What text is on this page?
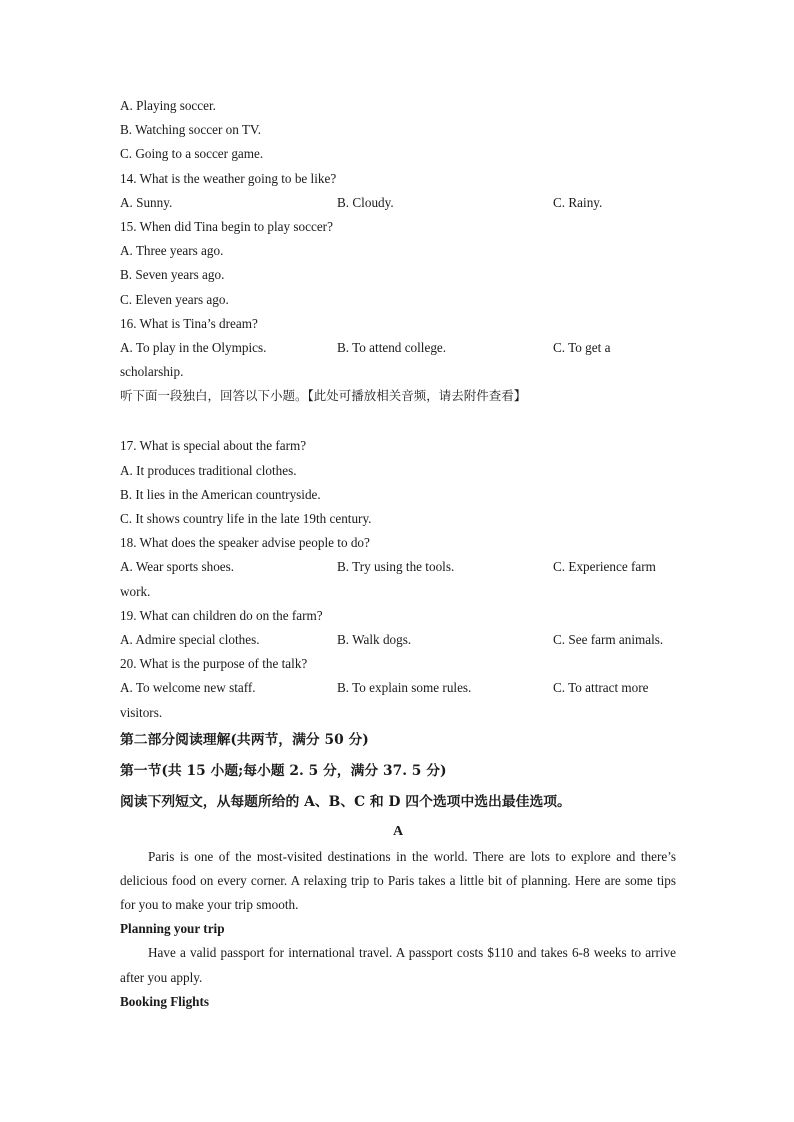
A. Playing soccer.
B. Watching soccer on TV.
C. Going to a soccer game.
14. What is the weather going to be like?
A. Sunny.	B. Cloudy.	C. Rainy.
15. When did Tina begin to play soccer?
A. Three years ago.
B. Seven years ago.
C. Eleven years ago.
16. What is Tina’s dream?
A. To play in the Olympics.	B. To attend college.	C. To get a
scholarship.
听下面一段独白，回答以下小题。【此处可播放相关音频，请去附件查看】
17. What is special about the farm?
A. It produces traditional clothes.
B. It lies in the American countryside.
C. It shows country life in the late 19th century.
18. What does the speaker advise people to do?
A. Wear sports shoes.	B. Try using the tools.	C. Experience farm
work.
19. What can children do on the farm?
A. Admire special clothes.	B. Walk dogs.	C. See farm animals.
20. What is the purpose of the talk?
A. To welcome new staff.	B. To explain some rules.	C. To attract more
visitors.
第二部分阅读理解(共两节，满分 50 分)
第一节(共 15 小题;每小题 2. 5 分，满分 37. 5 分)
阅读下列短文，从每题所给的 A、B、C 和 D 四个选项中选出最佳选项。
A
Paris is one of the most-visited destinations in the world. There are lots to explore and there’s delicious food on every corner. A relaxing trip to Paris takes a little bit of planning. Here are some tips for you to make your trip smooth.
Planning your trip
Have a valid passport for international travel. A passport costs $110 and takes 6-8 weeks to arrive after you apply.
Booking Flights
